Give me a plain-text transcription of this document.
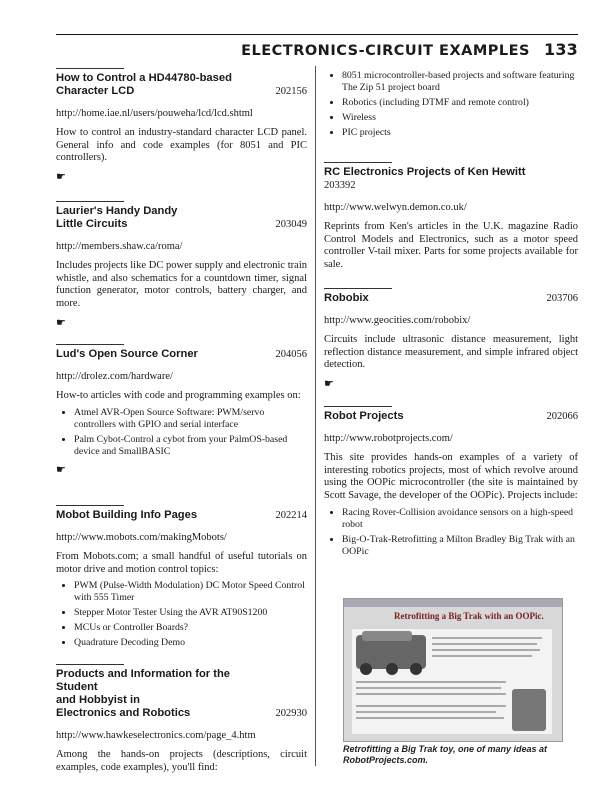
ELECTRONICS-CIRCUIT EXAMPLES 133
How to Control a HD44780-based Character LCD	202156
http://home.iae.nl/users/pouweha/lcd/lcd.shtml
How to control an industry-standard character LCD panel. General info and code examples (for 8051 and PIC controllers).
☛
Laurier's Handy Dandy
Little Circuits	203049
http://members.shaw.ca/roma/
Includes projects like DC power supply and electronic train whistle, and also schematics for a countdown timer, signal function generator, motor controls, battery charger, and more.
☛
Lud's Open Source Corner	204056
http://drolez.com/hardware/
How-to articles with code and programming examples on:
• Atmel AVR-Open Source Software: PWM/servo controllers with GPIO and serial interface
• Palm Cybot-Control a cybot from your PalmOS-based device and SmallBASIC
☛
Mobot Building Info Pages	202214
http://www.mobots.com/makingMobots/
From Mobots.com; a small handful of useful tutorials on motor drive and motion control topics:
• PWM (Pulse-Width Modulation) DC Motor Speed Control with 555 Timer
• Stepper Motor Tester Using the AVR AT90S1200
• MCUs or Controller Boards?
• Quadrature Decoding Demo
Products and Information for the Student
and Hobbyist in
Electronics and Robotics	202930
http://www.hawkeselectronics.com/page_4.htm
Among the hands-on projects (descriptions, circuit examples, code examples), you'll find:
• 8051 microcontroller-based projects and software featuring The Zip 51 project board
• Robotics (including DTMF and remote control)
• Wireless
• PIC projects
RC Electronics Projects of Ken Hewitt
203392
http://www.welwyn.demon.co.uk/
Reprints from Ken's articles in the U.K. magazine Radio Control Models and Electronics, such as a motor speed controller V-tail mixer. Parts for some projects available for sale.
Robobix	203706
http://www.geocities.com/robobix/
Circuits include ultrasonic distance measurement, light reflection distance measurement, and simple infrared object detection.
☛
Robot Projects	202066
http://www.robotprojects.com/
This site provides hands-on examples of a variety of interesting robotics projects, most of which revolve around using the OOPic microcontroller (the site is maintained by Scott Savage, the developer of the OOPic). Projects include:
• Racing Rover-Collision avoidance sensors on a high-speed robot
• Big-O-Trak-Retrofitting a Milton Bradley Big Trak with an OOPic
Retrofitting a Big Trak with an OOPic.
Retrofitting a Big Trak toy, one of many ideas at RobotProjects.com.
